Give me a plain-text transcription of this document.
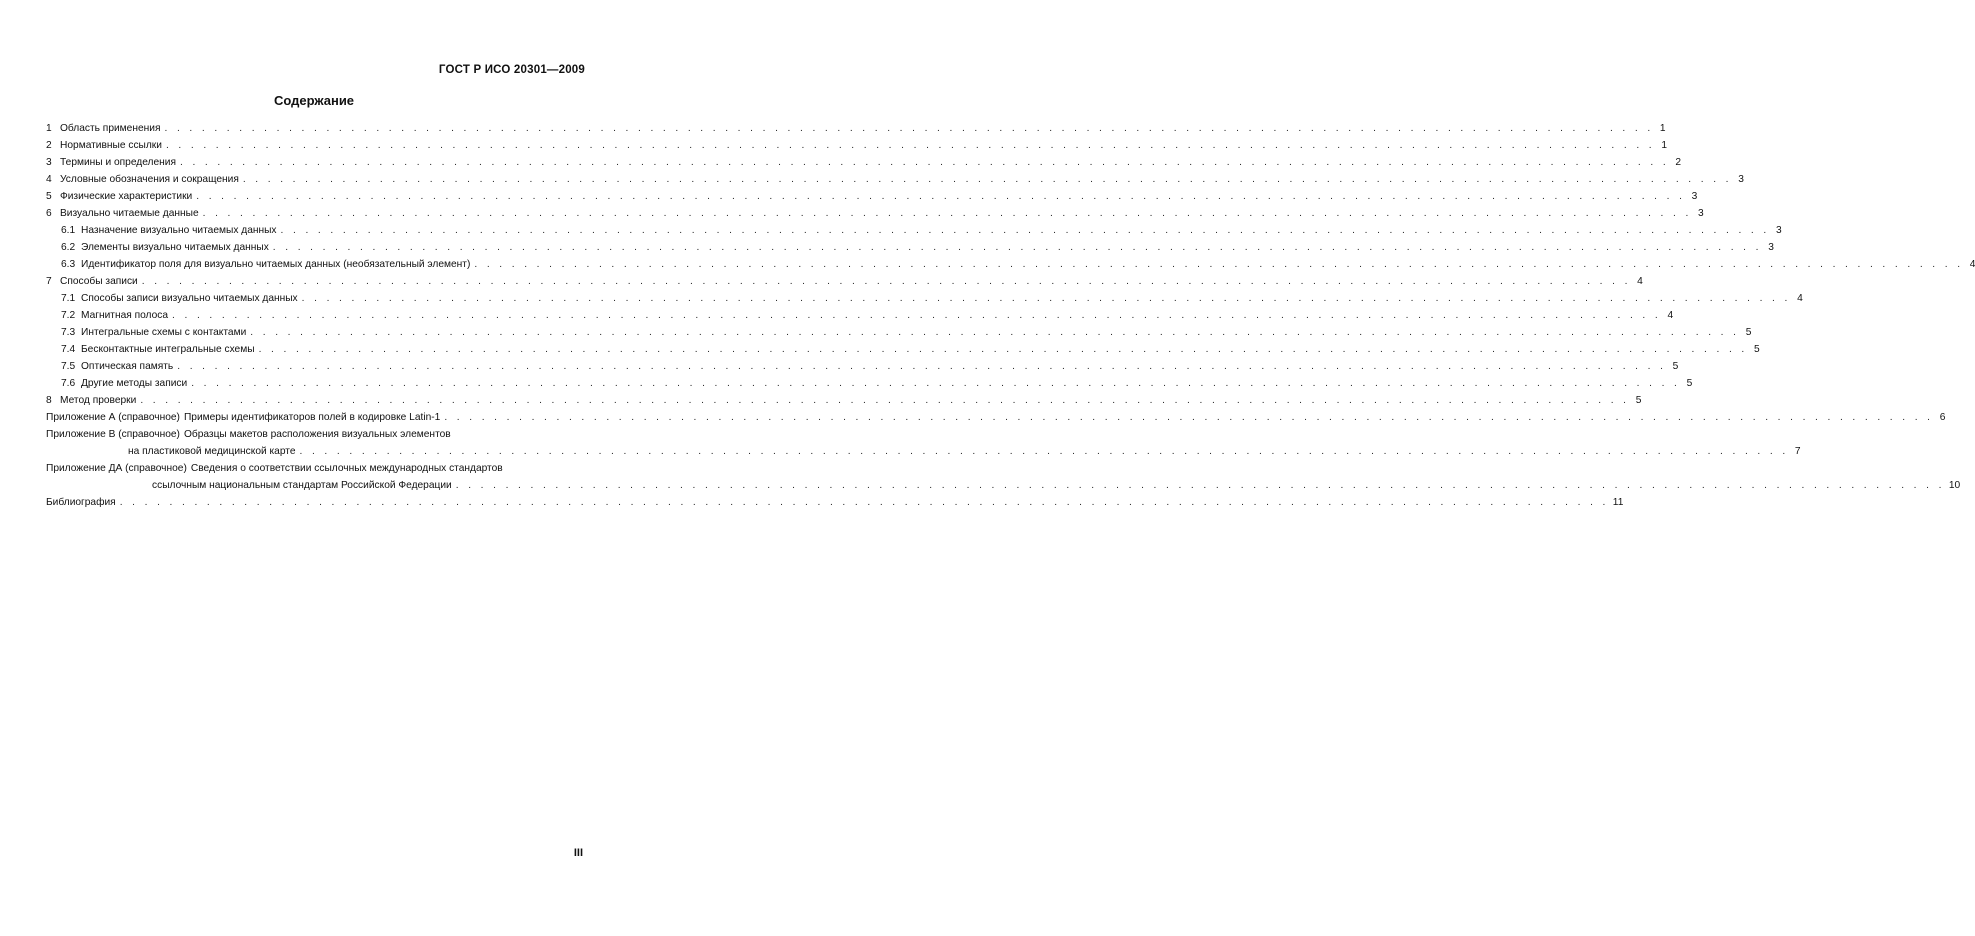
ГОСТ Р ИСО 20301—2009
Содержание
1 Область применения . . . . . . . . . . . . . . . . . . . . . . . . . . . . . . . . . . . . . . . . . . . . . . . . . . . . . . . . . . . . . . . . . . . . . . . . . . . . . . . . . . . . . . . . . . . . . . . . . . . . . . . . . . . . . . . . . . . . . . . . 1
2 Нормативные ссылки . . . . . . . . . . . . . . . . . . . . . . . . . . . . . . . . . . . . . . . . . . . . . . . . . . . . . . . . . . . . . . . . . . . . . . . . . . . . . . . . . . . . . . . . . . . . . . . . . . . . . . . . . . . . . . . . . . . . . . . . 1
3 Термины и определения . . . . . . . . . . . . . . . . . . . . . . . . . . . . . . . . . . . . . . . . . . . . . . . . . . . . . . . . . . . . . . . . . . . . . . . . . . . . . . . . . . . . . . . . . . . . . . . . . . . . . . . . . . . . . . . . . . . . . . . . 2
4 Условные обозначения и сокращения . . . . . . . . . . . . . . . . . . . . . . . . . . . . . . . . . . . . . . . . . . . . . . . . . . . . . . . . . . . . . . . . . . . . . . . . . . . . . . . . . . . . . . . . . . . . . . . . . . . . . . . . . . . . . . . . . . . . . . . . 3
5 Физические характеристики . . . . . . . . . . . . . . . . . . . . . . . . . . . . . . . . . . . . . . . . . . . . . . . . . . . . . . . . . . . . . . . . . . . . . . . . . . . . . . . . . . . . . . . . . . . . . . . . . . . . . . . . . . . . . . . . . . . . . . . . 3
6 Визуально читаемые данные . . . . . . . . . . . . . . . . . . . . . . . . . . . . . . . . . . . . . . . . . . . . . . . . . . . . . . . . . . . . . . . . . . . . . . . . . . . . . . . . . . . . . . . . . . . . . . . . . . . . . . . . . . . . . . . . . . . . . . . . 3
6.1 Назначение визуально читаемых данных . . . . . . . . . . . . . . . . . . . . . . . . . . . . . . . . . . . . . . . . . . . . . . . . . . . . . . . . . . . . . . . . . . . . . . . . . . . . . . . . . . . . . . . . . . . . . . . . . . . . . . . . . . . . . . . . . . . . . . . . 3
6.2 Элементы визуально читаемых данных . . . . . . . . . . . . . . . . . . . . . . . . . . . . . . . . . . . . . . . . . . . . . . . . . . . . . . . . . . . . . . . . . . . . . . . . . . . . . . . . . . . . . . . . . . . . . . . . . . . . . . . . . . . . . . . . . . . . . . . . 3
6.3 Идентификатор поля для визуально читаемых данных (необязательный элемент) . . . . . . . . . . . . . . . . . . . . . . . . . . . . . . . . . . . . . . . . . . . . . . . . . . . . . . . . . . . . . . . . . . . . . . . . . . . . . . . . . . . . . . . . . . . . . . . . . . . . . . . . . . . . . . . . . . . . . . . . 4
7 Способы записи . . . . . . . . . . . . . . . . . . . . . . . . . . . . . . . . . . . . . . . . . . . . . . . . . . . . . . . . . . . . . . . . . . . . . . . . . . . . . . . . . . . . . . . . . . . . . . . . . . . . . . . . . . . . . . . . . . . . . . . . 4
7.1 Способы записи визуально читаемых данных . . . . . . . . . . . . . . . . . . . . . . . . . . . . . . . . . . . . . . . . . . . . . . . . . . . . . . . . . . . . . . . . . . . . . . . . . . . . . . . . . . . . . . . . . . . . . . . . . . . . . . . . . . . . . . . . . . . . . . . . 4
7.2 Магнитная полоса . . . . . . . . . . . . . . . . . . . . . . . . . . . . . . . . . . . . . . . . . . . . . . . . . . . . . . . . . . . . . . . . . . . . . . . . . . . . . . . . . . . . . . . . . . . . . . . . . . . . . . . . . . . . . . . . . . . . . . . . 4
7.3 Интегральные схемы с контактами . . . . . . . . . . . . . . . . . . . . . . . . . . . . . . . . . . . . . . . . . . . . . . . . . . . . . . . . . . . . . . . . . . . . . . . . . . . . . . . . . . . . . . . . . . . . . . . . . . . . . . . . . . . . . . . . . . . . . . . . 5
7.4 Бесконтактные интегральные схемы . . . . . . . . . . . . . . . . . . . . . . . . . . . . . . . . . . . . . . . . . . . . . . . . . . . . . . . . . . . . . . . . . . . . . . . . . . . . . . . . . . . . . . . . . . . . . . . . . . . . . . . . . . . . . . . . . . . . . . . . 5
7.5 Оптическая память . . . . . . . . . . . . . . . . . . . . . . . . . . . . . . . . . . . . . . . . . . . . . . . . . . . . . . . . . . . . . . . . . . . . . . . . . . . . . . . . . . . . . . . . . . . . . . . . . . . . . . . . . . . . . . . . . . . . . . . . 5
7.6 Другие методы записи . . . . . . . . . . . . . . . . . . . . . . . . . . . . . . . . . . . . . . . . . . . . . . . . . . . . . . . . . . . . . . . . . . . . . . . . . . . . . . . . . . . . . . . . . . . . . . . . . . . . . . . . . . . . . . . . . . . . . . . . 5
8 Метод проверки . . . . . . . . . . . . . . . . . . . . . . . . . . . . . . . . . . . . . . . . . . . . . . . . . . . . . . . . . . . . . . . . . . . . . . . . . . . . . . . . . . . . . . . . . . . . . . . . . . . . . . . . . . . . . . . . . . . . . . . . 5
Приложение А (справочное) Примеры идентификаторов полей в кодировке Latin-1 . . . . . . . . . . . . . . . . . . . . . . . . . . . . . . . . . . . . . . . . . . . . . . . . . . . . . . . . . . . . . . . . . . . . . . . . . . . . . . . . . . . . . . . . . . . . . . . . . . . . . . . . . . . . . . . . . . . . . . . . 6
Приложение В (справочное) Образцы макетов расположения визуальных элементов
на пластиковой медицинской карте . . . . . . . . . . . . . . . . . . . . . . . . . . . . . . . . . . . . . . . . . . . . . . . . . . . . . . . . . . . . . . . . . . . . . . . . . . . . . . . . . . . . . . . . . . . . . . . . . . . . . . . . . . . . . . . . . . . . . . . . 7
Приложение ДА (справочное) Сведения о соответствии ссылочных международных стандартов
ссылочным национальным стандартам Российской Федерации . . . . . . . . . . . . . . . . . . . . . . . . . . . . . . . . . . . . . . . . . . . . . . . . . . . . . . . . . . . . . . . . . . . . . . . . . . . . . . . . . . . . . . . . . . . . . . . . . . . . . . . . . . . . . . . . . . . . . . . . 10
Библиография . . . . . . . . . . . . . . . . . . . . . . . . . . . . . . . . . . . . . . . . . . . . . . . . . . . . . . . . . . . . . . . . . . . . . . . . . . . . . . . . . . . . . . . . . . . . . . . . . . . . . . . . . . . . . . . . . . . . . . . . 11
III
